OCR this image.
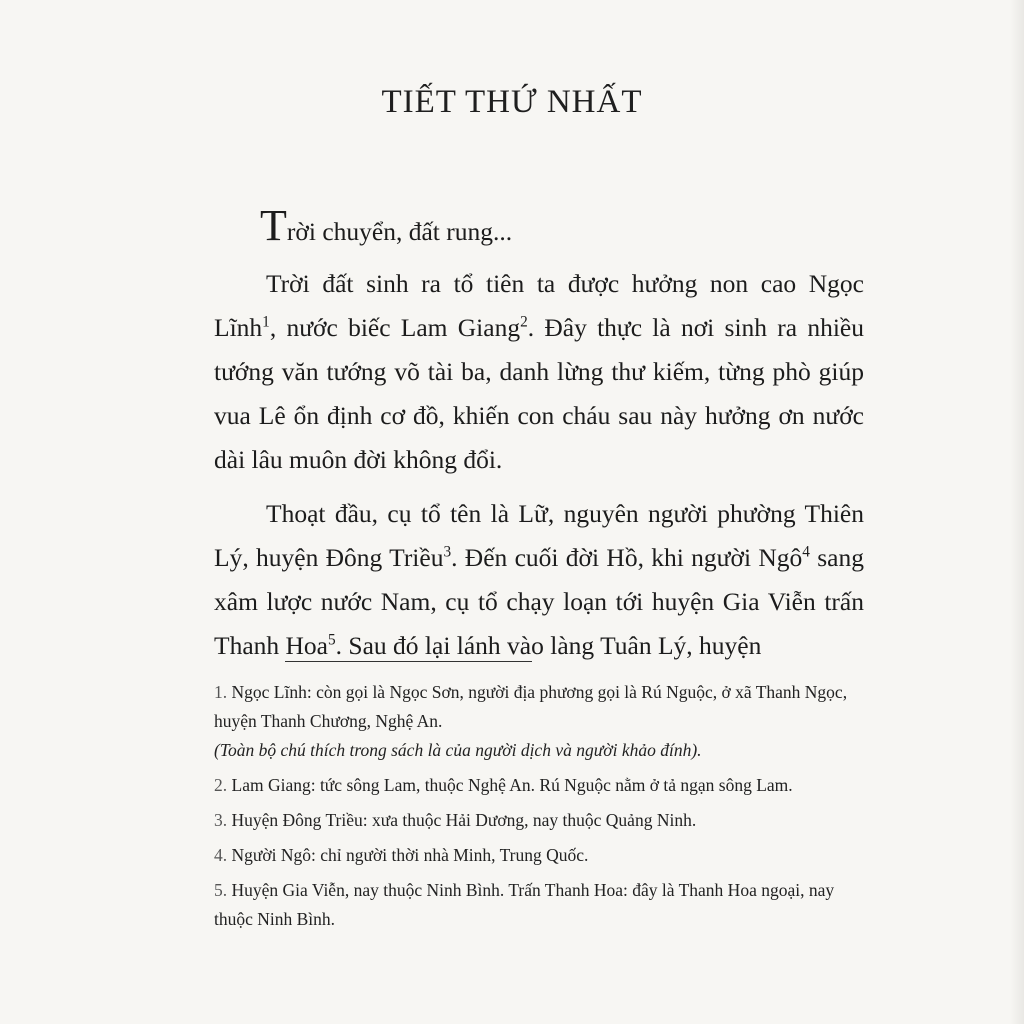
TIẾT THỨ NHẤT

Trời chuyển, đất rung...

Trời đất sinh ra tổ tiên ta được hưởng non cao Ngọc Lĩnh$^1$, nước biếc Lam Giang$^2$. Đây thực là nơi sinh ra nhiều tướng văn tướng võ tài ba, danh lừng thư kiếm, từng phò giúp vua Lê ổn định cơ đồ, khiến con cháu sau này hưởng ơn nước dài lâu muôn đời không đổi.

Thoạt đầu, cụ tổ tên là Lữ, nguyên người phường Thiên Lý, huyện Đông Triều$^3$. Đến cuối đời Hồ, khi người Ngô$^4$ sang xâm lược nước Nam, cụ tổ chạy loạn tới huyện Gia Viễn trấn Thanh Hoa$^5$. Sau đó lại lánh vào làng Tuân Lý, huyện

1. Ngọc Lĩnh: còn gọi là Ngọc Sơn, người địa phương gọi là Rú Nguộc, ở xã Thanh Ngọc, huyện Thanh Chương, Nghệ An.

(Toàn bộ chú thích trong sách là của người dịch và người khảo đính).

2. Lam Giang: tức sông Lam, thuộc Nghệ An. Rú Nguộc nằm ở tả ngạn sông Lam.

3. Huyện Đông Triều: xưa thuộc Hải Dương, nay thuộc Quảng Ninh.

4. Người Ngô: chỉ người thời nhà Minh, Trung Quốc.

5. Huyện Gia Viễn, nay thuộc Ninh Bình. Trấn Thanh Hoa: đây là Thanh Hoa ngoại, nay thuộc Ninh Bình.
